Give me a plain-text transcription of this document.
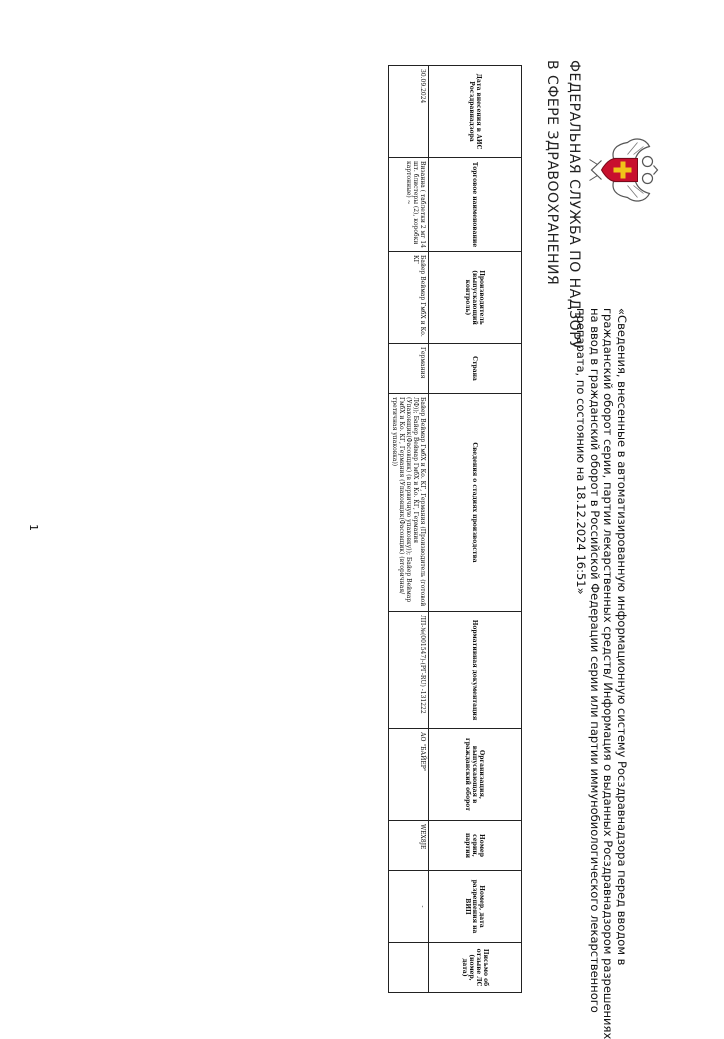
ФЕДЕРАЛЬНАЯ СЛУЖБА ПО НАДЗОРУ
В СФЕРЕ ЗДРАВООХРАНЕНИЯ
«Сведения, внесенные в автоматизированную информационную систему Росздравнадзора перед вводом в
гражданский оборот серии, партии лекарственных средств/ Информация о выданных Росздравнадзором разрешениях
на ввод в гражданский оборот в Российской Федерации серии или партии иммунобиологического лекарственного
препарата, по состоянию на 18.12.2024 16:51»
Дата внесения в АИС Росздравнадзора	Торговое наименование	Производитель (выпускающий контроль)	Страна	Сведения о стадиях производства	Нормативная документация	Организация, выпускающая в гражданский оборот	Номер серии, партии	Номер, дата разрешения на ВИП	Письмо об отзыве ЛС (номер, дата)
30.09.2024	Визанна ( таблетки 2 мг 14 шт. блистеры (2), коробки картонные) ~	Байер Веймар ГмбХ и Ко. КГ	Германия	Байер Веймар ГмбХ и Ко. КГ, Германия (Производитель (готовой ЛФ)); Байер Веймар ГмбХ и Ко. КГ, Германия (Упаковщик(Фасовщик) (в первичную упаковку)); Байер Веймар ГмбХ и Ко. КГ, Германия (Упаковщик(Фасовщик) (вторичная/третичная упаковка))	ЛП-№(001547)-(РГ-RU) -131222	АО "БАЙЕР"	WEX8JE	-	
1
